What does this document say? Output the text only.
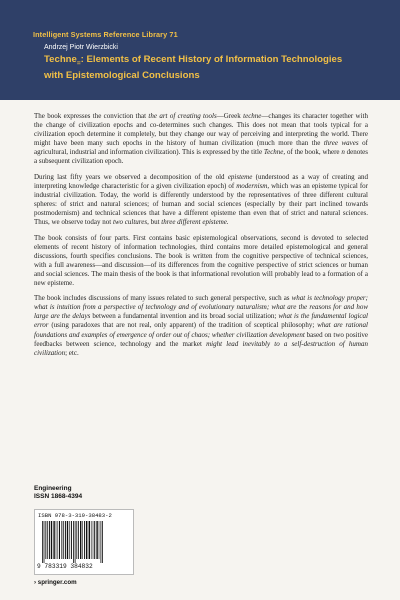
Intelligent Systems Reference Library 71
Andrzej Piotr Wierzbicki
Techne$_=$: Elements of Recent History of Information Technologies
with Epistemological Conclusions

The book expresses the conviction that the art of creating tools—Greek techne—changes its character together with the change of civilization epochs and co-determines such changes. This does not mean that tools typical for a civilization epoch determine it completely, but they change our way of perceiving and interpreting the world. There might have been many such epochs in the history of human civilization (much more than the three waves of agricultural, industrial and information civilization). This is expressed by the title Techne, of the book, where n denotes a subsequent civilization epoch.

During last fifty years we observed a decomposition of the old episteme (understood as a way of creating and interpreting knowledge characteristic for a given civilization epoch) of modernism, which was an episteme typical for industrial civilization. Today, the world is differently understood by the representatives of three different cultural spheres: of strict and natural sciences; of human and social sciences (especially by their part inclined towards postmodernism) and technical sciences that have a different episteme than even that of strict and natural sciences. Thus, we observe today not two cultures, but three different episteme.

The book consists of four parts. First contains basic epistemological observations, second is devoted to selected elements of recent history of information technologies, third contains more detailed epistemological and general discussions, fourth specifies conclusions. The book is written from the cognitive perspective of technical sciences, with a full awareness—and discussion—of its differences from the cognitive perspective of strict sciences or human and social sciences. The main thesis of the book is that informational revolution will probably lead to a formation of a new episteme.

The book includes discussions of many issues related to such general perspective, such as what is technology proper; what is intuition from a perspective of technology and of evolutionary naturalism; what are the reasons for and how large are the delays between a fundamental invention and its broad social utilization; what is the fundamental logical error (using paradoxes that are not real, only apparent) of the tradition of sceptical philosophy; what are rational foundations and examples of emergence of order out of chaos; whether civilization development based on two positive feedbacks between science, technology and the market might lead inevitably to a self-destruction of human civilization; etc.

Engineering
ISSN 1868-4394
ISBN 978-3-319-38483-2
9 783319 384832
› springer.com
